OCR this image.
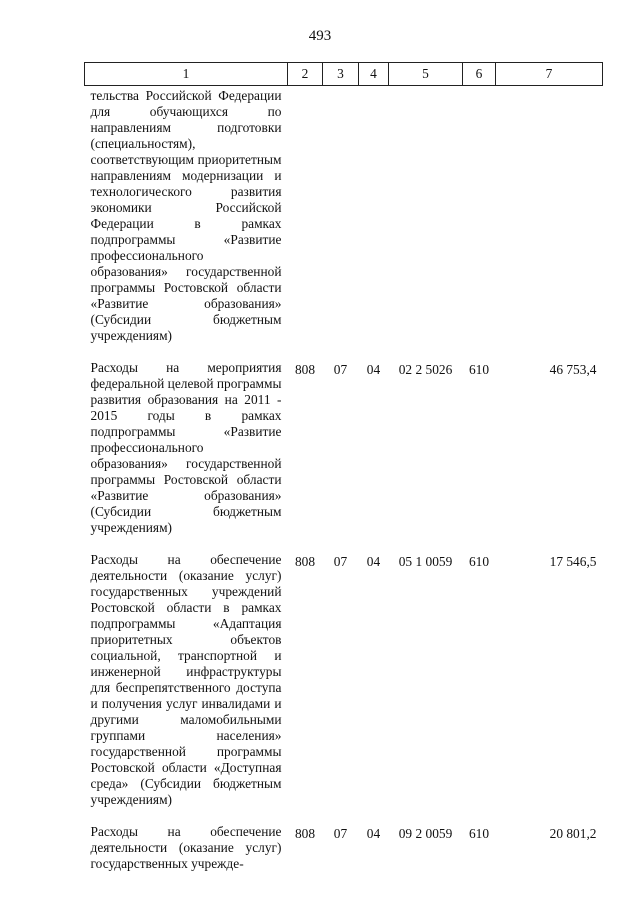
493
1	2	3	4	5	6	7
тельства Российской Федерации для обучающихся по направлениям подготовки (специальностям), соответствующим приоритетным направлениям модернизации и технологического развития экономики Российской Федерации в рамках подпрограммы «Развитие профессионального образования» государственной программы Ростовской области «Развитие образования» (Субсидии бюджетным учреждениям)						
Расходы на мероприятия федеральной целевой программы развития образования на 2011 - 2015 годы в рамках подпрограммы «Развитие профессионального образования» государственной программы Ростовской области «Развитие образования» (Субсидии бюджетным учреждениям)	808	07	04	02 2 5026	610	46 753,4
Расходы на обеспечение деятельности (оказание услуг) государственных учреждений Ростовской области в рамках подпрограммы «Адаптация приоритетных объектов социальной, транспортной и инженерной инфраструктуры для беспрепятственного доступа и получения услуг инвалидами и другими маломобильными группами населения» государственной программы Ростовской области «Доступная среда» (Субсидии бюджетным учреждениям)	808	07	04	05 1 0059	610	17 546,5
Расходы на обеспечение деятельности (оказание услуг) государственных учрежде-	808	07	04	09 2 0059	610	20 801,2
